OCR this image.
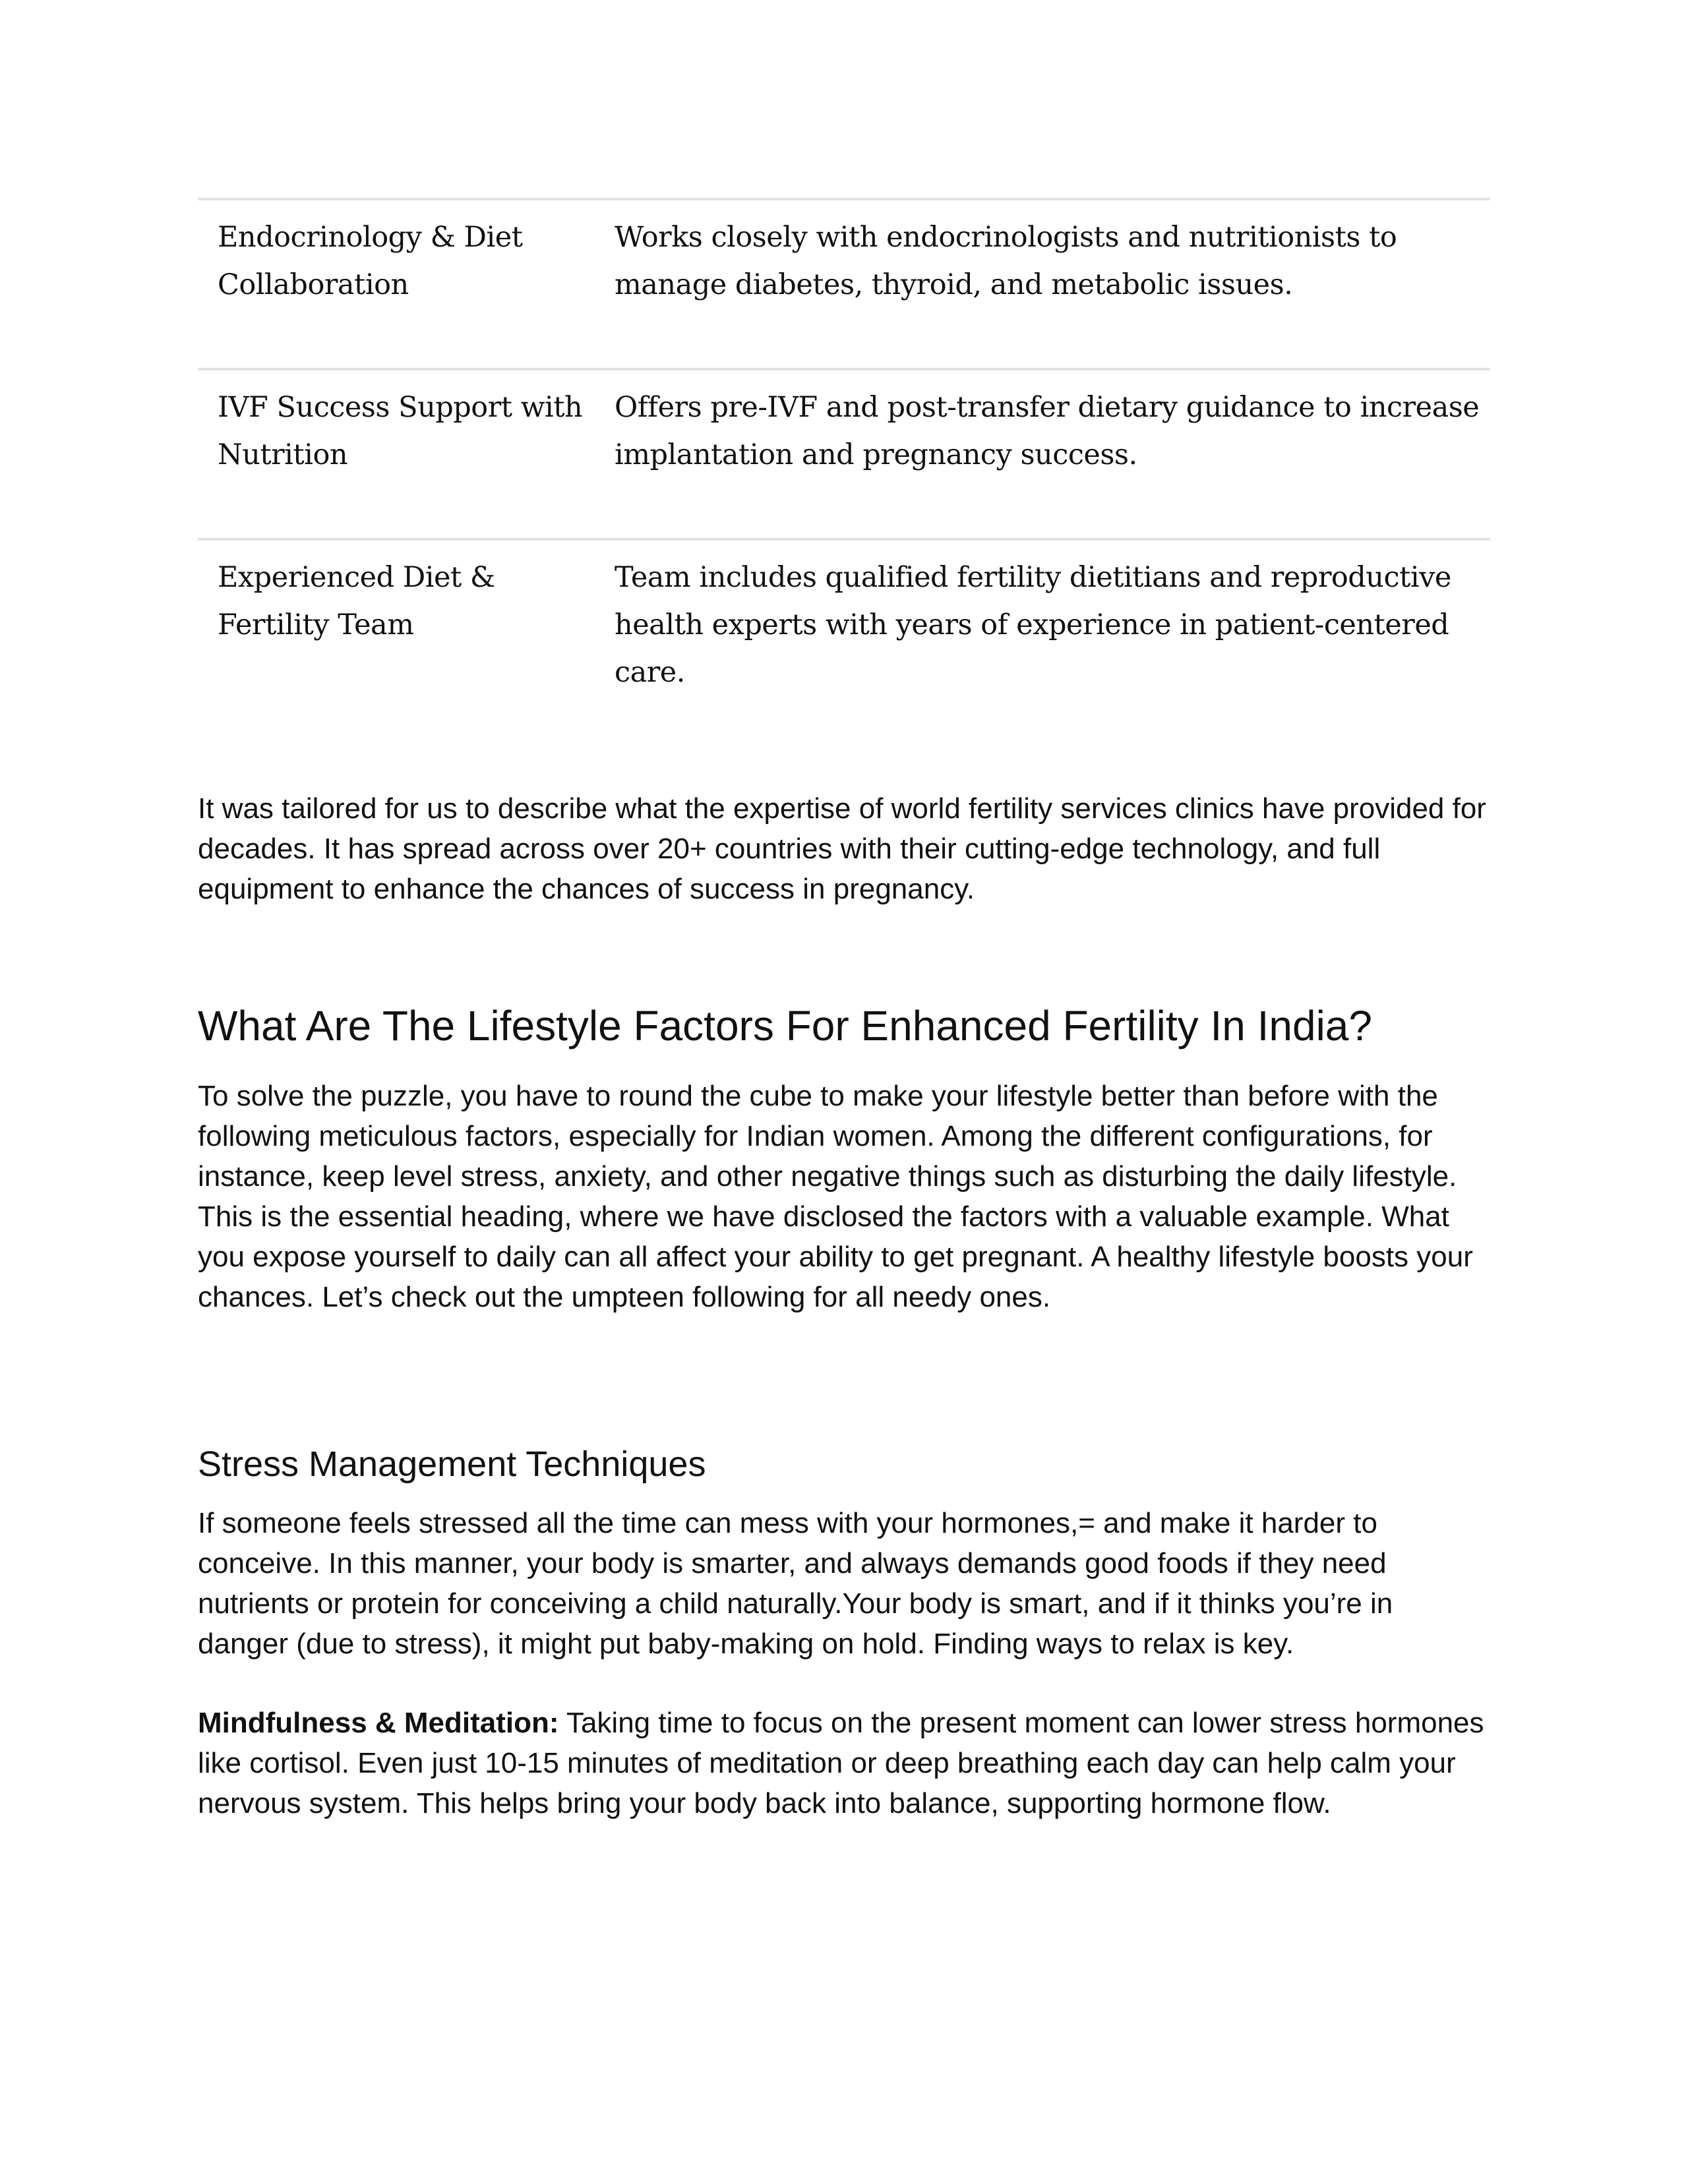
Endocrinology & Diet Collaboration
Works closely with endocrinologists and nutritionists to manage diabetes, thyroid, and metabolic issues.
IVF Success Support with Nutrition
Offers pre-IVF and post-transfer dietary guidance to increase implantation and pregnancy success.
Experienced Diet & Fertility Team
Team includes qualified fertility dietitians and reproductive health experts with years of experience in patient-centered care.

It was tailored for us to describe what the expertise of world fertility services clinics have provided for decades. It has spread across over 20+ countries with their cutting-edge technology, and full equipment to enhance the chances of success in pregnancy.

What Are The Lifestyle Factors For Enhanced Fertility In India?

To solve the puzzle, you have to round the cube to make your lifestyle better than before with the following meticulous factors, especially for Indian women. Among the different configurations, for instance, keep level stress, anxiety, and other negative things such as disturbing the daily lifestyle. This is the essential heading, where we have disclosed the factors with a valuable example. What you expose yourself to daily can all affect your ability to get pregnant. A healthy lifestyle boosts your chances. Let’s check out the umpteen following for all needy ones.

Stress Management Techniques

If someone feels stressed all the time can mess with your hormones,= and make it harder to conceive. In this manner, your body is smarter, and always demands good foods if they need nutrients or protein for conceiving a child naturally.Your body is smart, and if it thinks you’re in danger (due to stress), it might put baby-making on hold. Finding ways to relax is key.

Mindfulness & Meditation: Taking time to focus on the present moment can lower stress hormones like cortisol. Even just 10-15 minutes of meditation or deep breathing each day can help calm your nervous system. This helps bring your body back into balance, supporting hormone flow.
